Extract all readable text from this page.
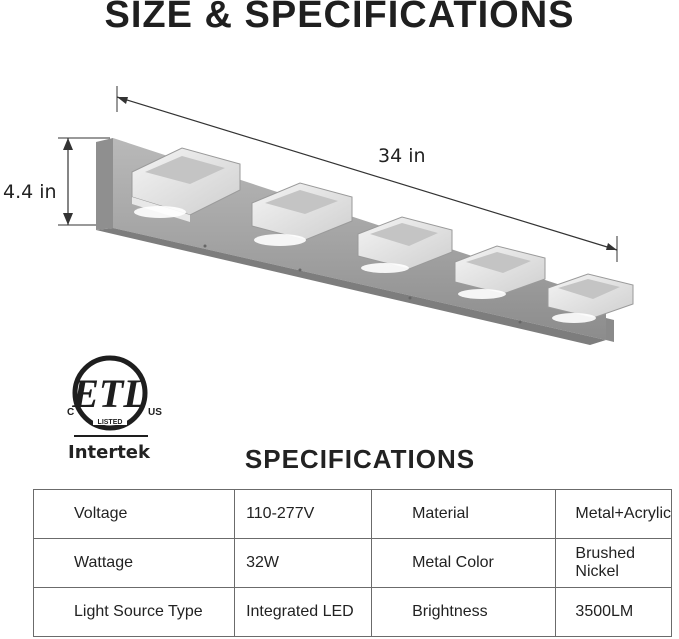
SIZE & SPECIFICATIONS
ETL
LISTED
C	US
34 in
4.4 in
Intertek	SPECIFICATIONS
Voltage	110-277V	Material	Metal+Acrylic
Wattage	32W	Metal Color	Brushed Nickel
Light Source Type	Integrated LED	Brightness	3500LM
